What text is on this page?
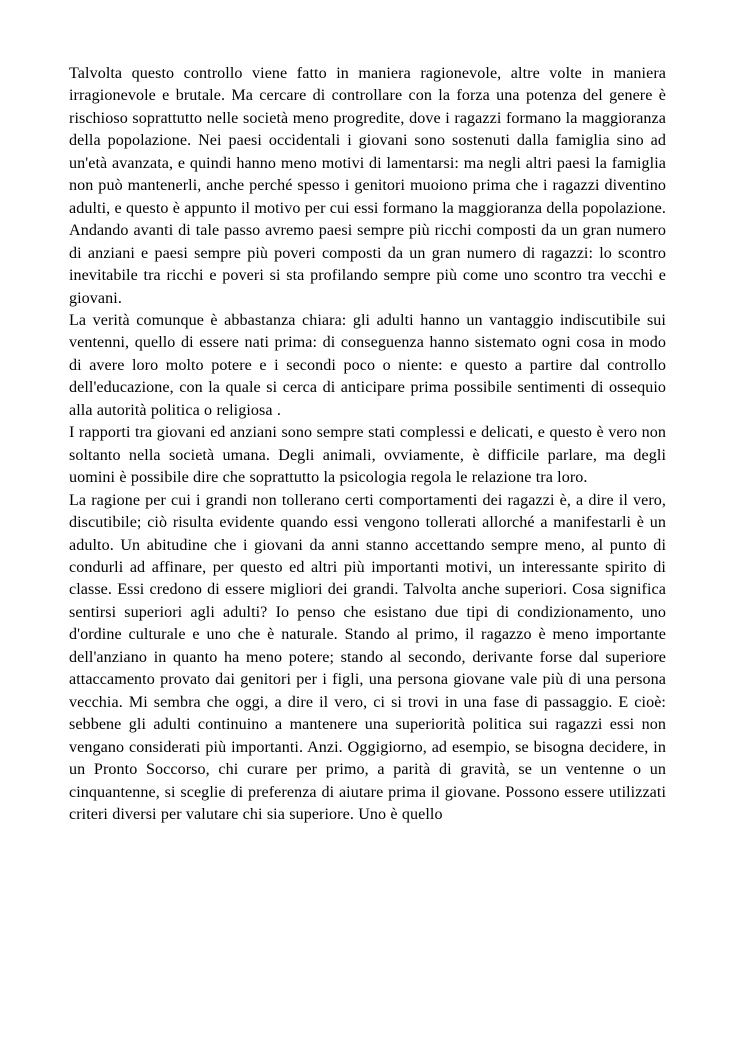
Talvolta questo controllo viene fatto in maniera ragionevole, altre volte in maniera irragionevole e brutale. Ma cercare di controllare con la forza una potenza del genere è rischioso soprattutto nelle società meno progredite, dove i ragazzi formano la maggioranza della popolazione. Nei paesi occidentali i giovani sono sostenuti dalla famiglia sino ad un'età avanzata, e quindi hanno meno motivi di lamentarsi: ma negli altri paesi la famiglia non può mantenerli, anche perché spesso i genitori muoiono prima che i ragazzi diventino adulti, e questo è appunto il motivo per cui essi formano la maggioranza della popolazione. Andando avanti di tale passo avremo paesi sempre più ricchi composti da un gran numero di anziani e paesi sempre più poveri composti da un gran numero di ragazzi: lo scontro inevitabile tra ricchi e poveri si sta profilando sempre più come uno scontro tra vecchi e giovani.

La verità comunque è abbastanza chiara: gli adulti hanno un vantaggio indiscutibile sui ventenni, quello di essere nati prima: di conseguenza hanno sistemato ogni cosa in modo di avere loro molto potere e i secondi poco o niente: e questo a partire dal controllo dell'educazione, con la quale si cerca di anticipare prima possibile sentimenti di ossequio alla autorità politica o religiosa .

I rapporti tra giovani ed anziani sono sempre stati complessi e delicati, e questo è vero non soltanto nella società umana. Degli animali, ovviamente, è difficile parlare, ma degli uomini è possibile dire che soprattutto la psicologia regola le relazione tra loro.

La ragione per cui i grandi non tollerano certi comportamenti dei ragazzi è, a dire il vero, discutibile; ciò risulta evidente quando essi vengono tollerati allorché a manifestarli è un adulto. Un abitudine che i giovani da anni stanno accettando sempre meno, al punto di condurli ad affinare, per questo ed altri più importanti motivi, un interessante spirito di classe. Essi credono di essere migliori dei grandi. Talvolta anche superiori. Cosa significa sentirsi superiori agli adulti? Io penso che esistano due tipi di condizionamento, uno d'ordine culturale e uno che è naturale. Stando al primo, il ragazzo è meno importante dell'anziano in quanto ha meno potere; stando al secondo, derivante forse dal superiore attaccamento provato dai genitori per i figli, una persona giovane vale più di una persona vecchia. Mi sembra che oggi, a dire il vero, ci si trovi in una fase di passaggio. E cioè: sebbene gli adulti continuino a mantenere una superiorità politica sui ragazzi essi non vengano considerati più importanti. Anzi. Oggigiorno, ad esempio, se bisogna decidere, in un Pronto Soccorso, chi curare per primo, a parità di gravità, se un ventenne o un cinquantenne, si sceglie di preferenza di aiutare prima il giovane. Possono essere utilizzati criteri diversi per valutare chi sia superiore. Uno è quello
